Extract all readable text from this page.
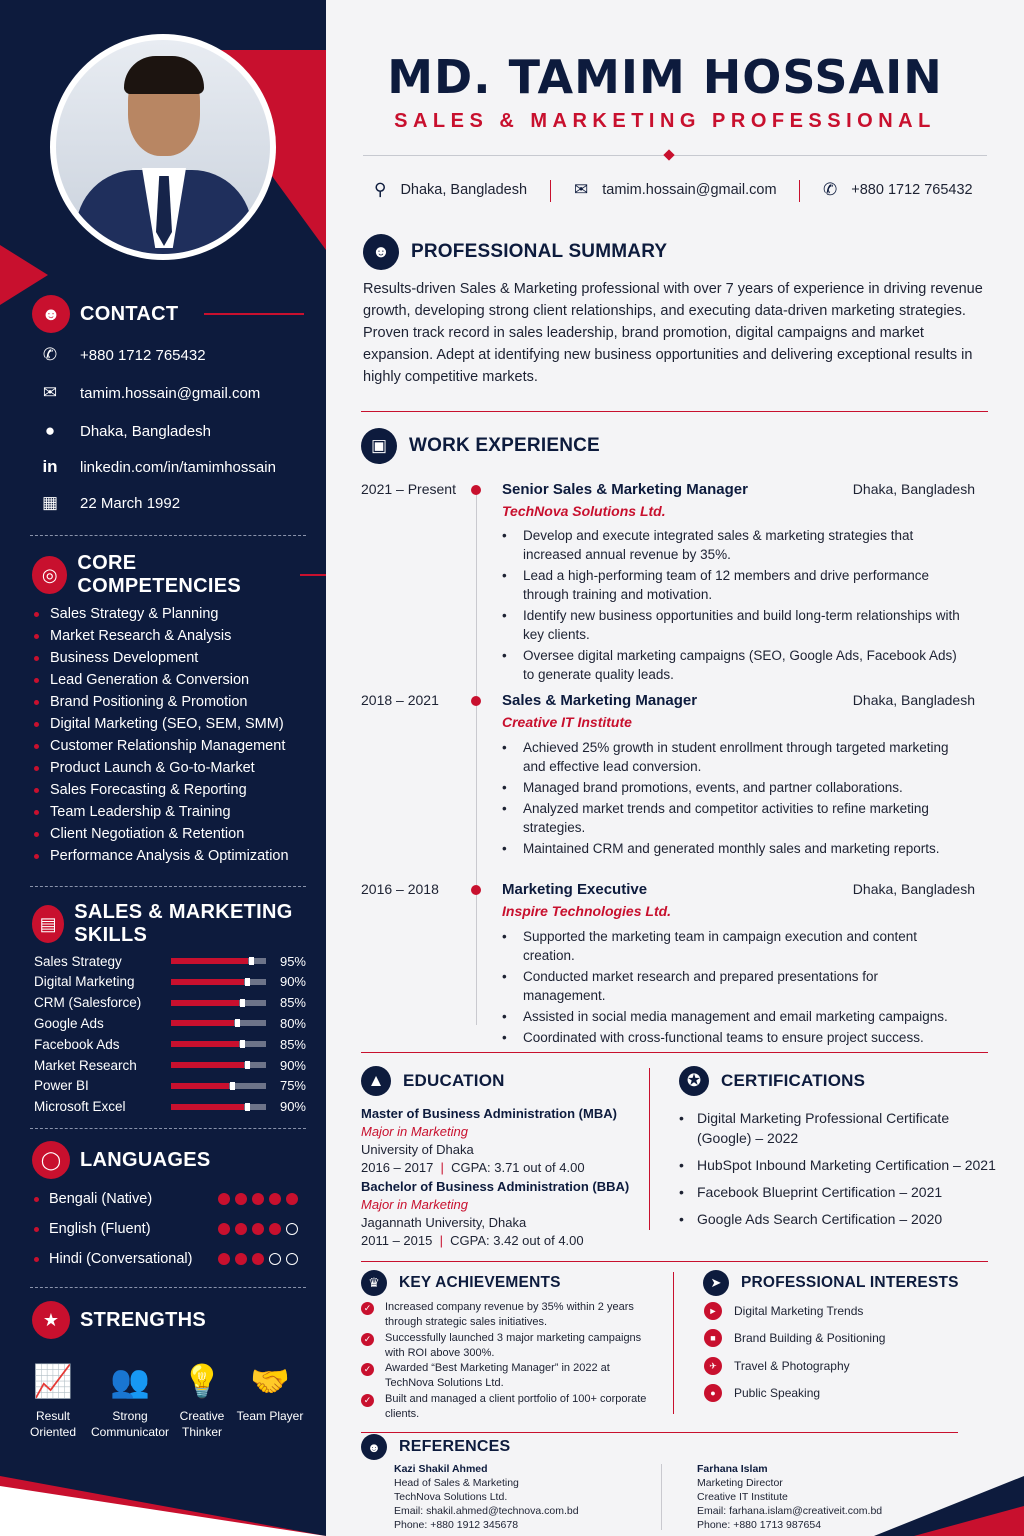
☻ CONTACT
✆	+880 1712 765432
✉	tamim.hossain@gmail.com
●	Dhaka, Bangladesh
in linkedin.com/in/tamimhossain
▦ 22 March 1992
◎
CORE COMPETENCIES
Sales Strategy & Planning
Market Research & Analysis
Business Development
Lead Generation & Conversion
Brand Positioning & Promotion
Digital Marketing (SEO, SEM, SMM)
Customer Relationship Management
Product Launch & Go-to-Market
Sales Forecasting & Reporting
Team Leadership & Training
Client Negotiation & Retention
Performance Analysis & Optimization
▤
SALES & MARKETING SKILLS
Sales Strategy	95%
Digital Marketing	90%
CRM (Salesforce)	85%
Google Ads	80%
Facebook Ads	85%
Market Research	90%
Power BI	75%
Microsoft Excel	90%
◯ LANGUAGES
Bengali (Native)
English (Fluent)
Hindi (Conversational)
★	STRENGTHS
📈
Result Oriented
👥
Strong Communicator
💡
Creative Thinker
🤝
Team Player
MD. TAMIM HOSSAIN
SALES & MARKETING PROFESSIONAL
⚲ Dhaka, Bangladesh	✉ tamim.hossain@gmail.com	✆ +880 1712 765432
☻	PROFESSIONAL SUMMARY
Results-driven Sales & Marketing professional with over 7 years of experience in driving revenue growth, developing strong client relationships, and executing data-driven marketing strategies. Proven track record in sales leadership, brand promotion, digital campaigns and market expansion. Adept at identifying new business opportunities and delivering exceptional results in highly competitive markets.
▣	WORK EXPERIENCE
2021 – Present	Senior Sales & Marketing Manager	Dhaka, Bangladesh
TechNova Solutions Ltd.
• Develop and execute integrated sales & marketing strategies that increased annual revenue by 35%.
• Lead a high-performing team of 12 members and drive performance through training and motivation.
• Identify new business opportunities and build long-term relationships with key clients.
• Oversee digital marketing campaigns (SEO, Google Ads, Facebook Ads) to generate quality leads.
2018 – 2021	Sales & Marketing Manager	Dhaka, Bangladesh
Creative IT Institute
• Achieved 25% growth in student enrollment through targeted marketing and effective lead conversion.
• Managed brand promotions, events, and partner collaborations.
• Analyzed market trends and competitor activities to refine marketing strategies.
• Maintained CRM and generated monthly sales and marketing reports.
2016 – 2018	Marketing Executive	Dhaka, Bangladesh
Inspire Technologies Ltd.
• Supported the marketing team in campaign execution and content creation.
• Conducted market research and prepared presentations for management.
• Assisted in social media management and email marketing campaigns.
• Coordinated with cross-functional teams to ensure project success.
▲	EDUCATION
Master of Business Administration (MBA)
Major in Marketing
University of Dhaka
2016 – 2017  |  CGPA: 3.71 out of 4.00
Bachelor of Business Administration (BBA)
Major in Marketing
Jagannath University, Dhaka
2011 – 2015  |  CGPA: 3.42 out of 4.00
✪	CERTIFICATIONS
• Digital Marketing Professional Certificate (Google) – 2022
• HubSpot Inbound Marketing Certification – 2021
• Facebook Blueprint Certification – 2021
• Google Ads Search Certification – 2020
♛	KEY ACHIEVEMENTS
✓ Increased company revenue by 35% within 2 years through strategic sales initiatives.
✓ Successfully launched 3 major marketing campaigns with ROI above 300%.
✓ Awarded “Best Marketing Manager” in 2022 at TechNova Solutions Ltd.
✓ Built and managed a client portfolio of 100+ corporate clients.
➤	PROFESSIONAL INTERESTS
►	Digital Marketing Trends
■	Brand Building & Positioning
✈	Travel & Photography
●	Public Speaking
☻	REFERENCES
Kazi Shakil Ahmed
Head of Sales & Marketing
TechNova Solutions Ltd.
Email: shakil.ahmed@technova.com.bd
Phone: +880 1912 345678
Farhana Islam
Marketing Director
Creative IT Institute
Email: farhana.islam@creativeit.com.bd
Phone: +880 1713 987654
